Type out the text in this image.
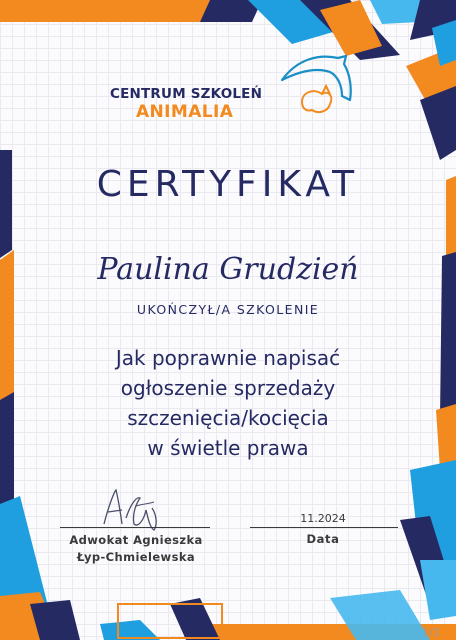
CENTRUM SZKOLEŃ
ANIMALIA
CERTYFIKAT
Paulina Grudzień
UKOŃCZYŁ/A SZKOLENIE
Jak poprawnie napisać
ogłoszenie sprzedaży
szczenięcia/kocięcia
w świetle prawa
11.2024
Adwokat Agnieszka
Łyp-Chmielewska
Data
1/1
